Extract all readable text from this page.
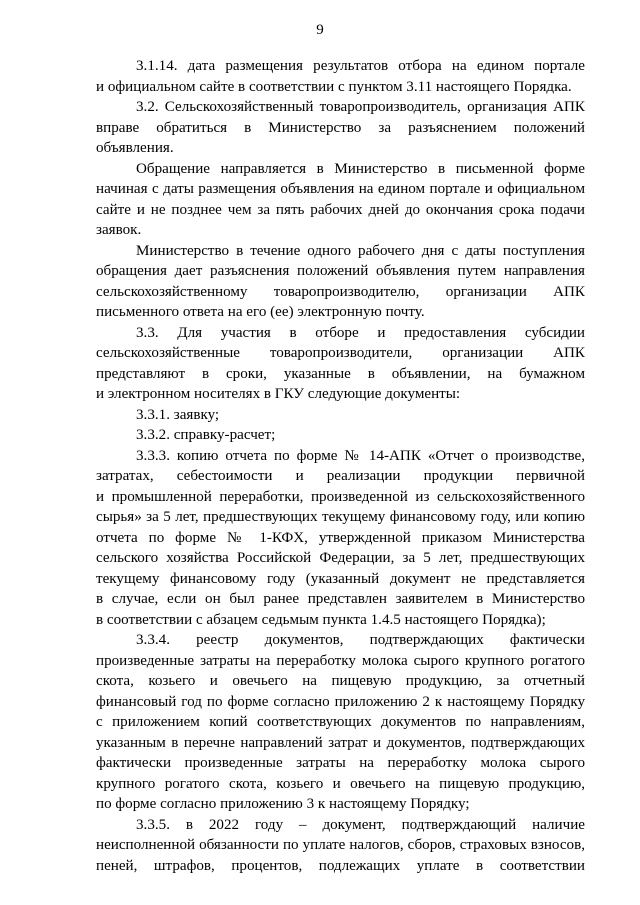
9
3.1.14. дата размещения результатов отбора на едином портале
и официальном сайте в соответствии с пунктом 3.11 настоящего Порядка.
3.2. Сельскохозяйственный товаропроизводитель, организация АПК
вправе обратиться в Министерство за разъяснением положений
объявления.
Обращение направляется в Министерство в письменной форме
начиная с даты размещения объявления на едином портале и официальном
сайте и не позднее чем за пять рабочих дней до окончания срока подачи
заявок.
Министерство в течение одного рабочего дня с даты поступления
обращения дает разъяснения положений объявления путем направления
сельскохозяйственному товаропроизводителю, организации АПК
письменного ответа на его (ее) электронную почту.
3.3. Для участия в отборе и предоставления субсидии
сельскохозяйственные товаропроизводители, организации АПК
представляют в сроки, указанные в объявлении, на бумажном
и электронном носителях в ГКУ следующие документы:
3.3.1. заявку;
3.3.2. справку-расчет;
3.3.3. копию отчета по форме № 14-АПК «Отчет о производстве,
затратах, себестоимости и реализации продукции первичной
и промышленной переработки, произведенной из сельскохозяйственного
сырья» за 5 лет, предшествующих текущему финансовому году, или копию
отчета по форме № 1-КФХ, утвержденной приказом Министерства
сельского хозяйства Российской Федерации, за 5 лет, предшествующих
текущему финансовому году (указанный документ не представляется
в случае, если он был ранее представлен заявителем в Министерство
в соответствии с абзацем седьмым пункта 1.4.5 настоящего Порядка);
3.3.4. реестр документов, подтверждающих фактически
произведенные затраты на переработку молока сырого крупного рогатого
скота, козьего и овечьего на пищевую продукцию, за отчетный
финансовый год по форме согласно приложению 2 к настоящему Порядку
с приложением копий соответствующих документов по направлениям,
указанным в перечне направлений затрат и документов, подтверждающих
фактически произведенные затраты на переработку молока сырого
крупного рогатого скота, козьего и овечьего на пищевую продукцию,
по форме согласно приложению 3 к настоящему Порядку;
3.3.5. в 2022 году – документ, подтверждающий наличие
неисполненной обязанности по уплате налогов, сборов, страховых взносов,
пеней, штрафов, процентов, подлежащих уплате в соответствии
